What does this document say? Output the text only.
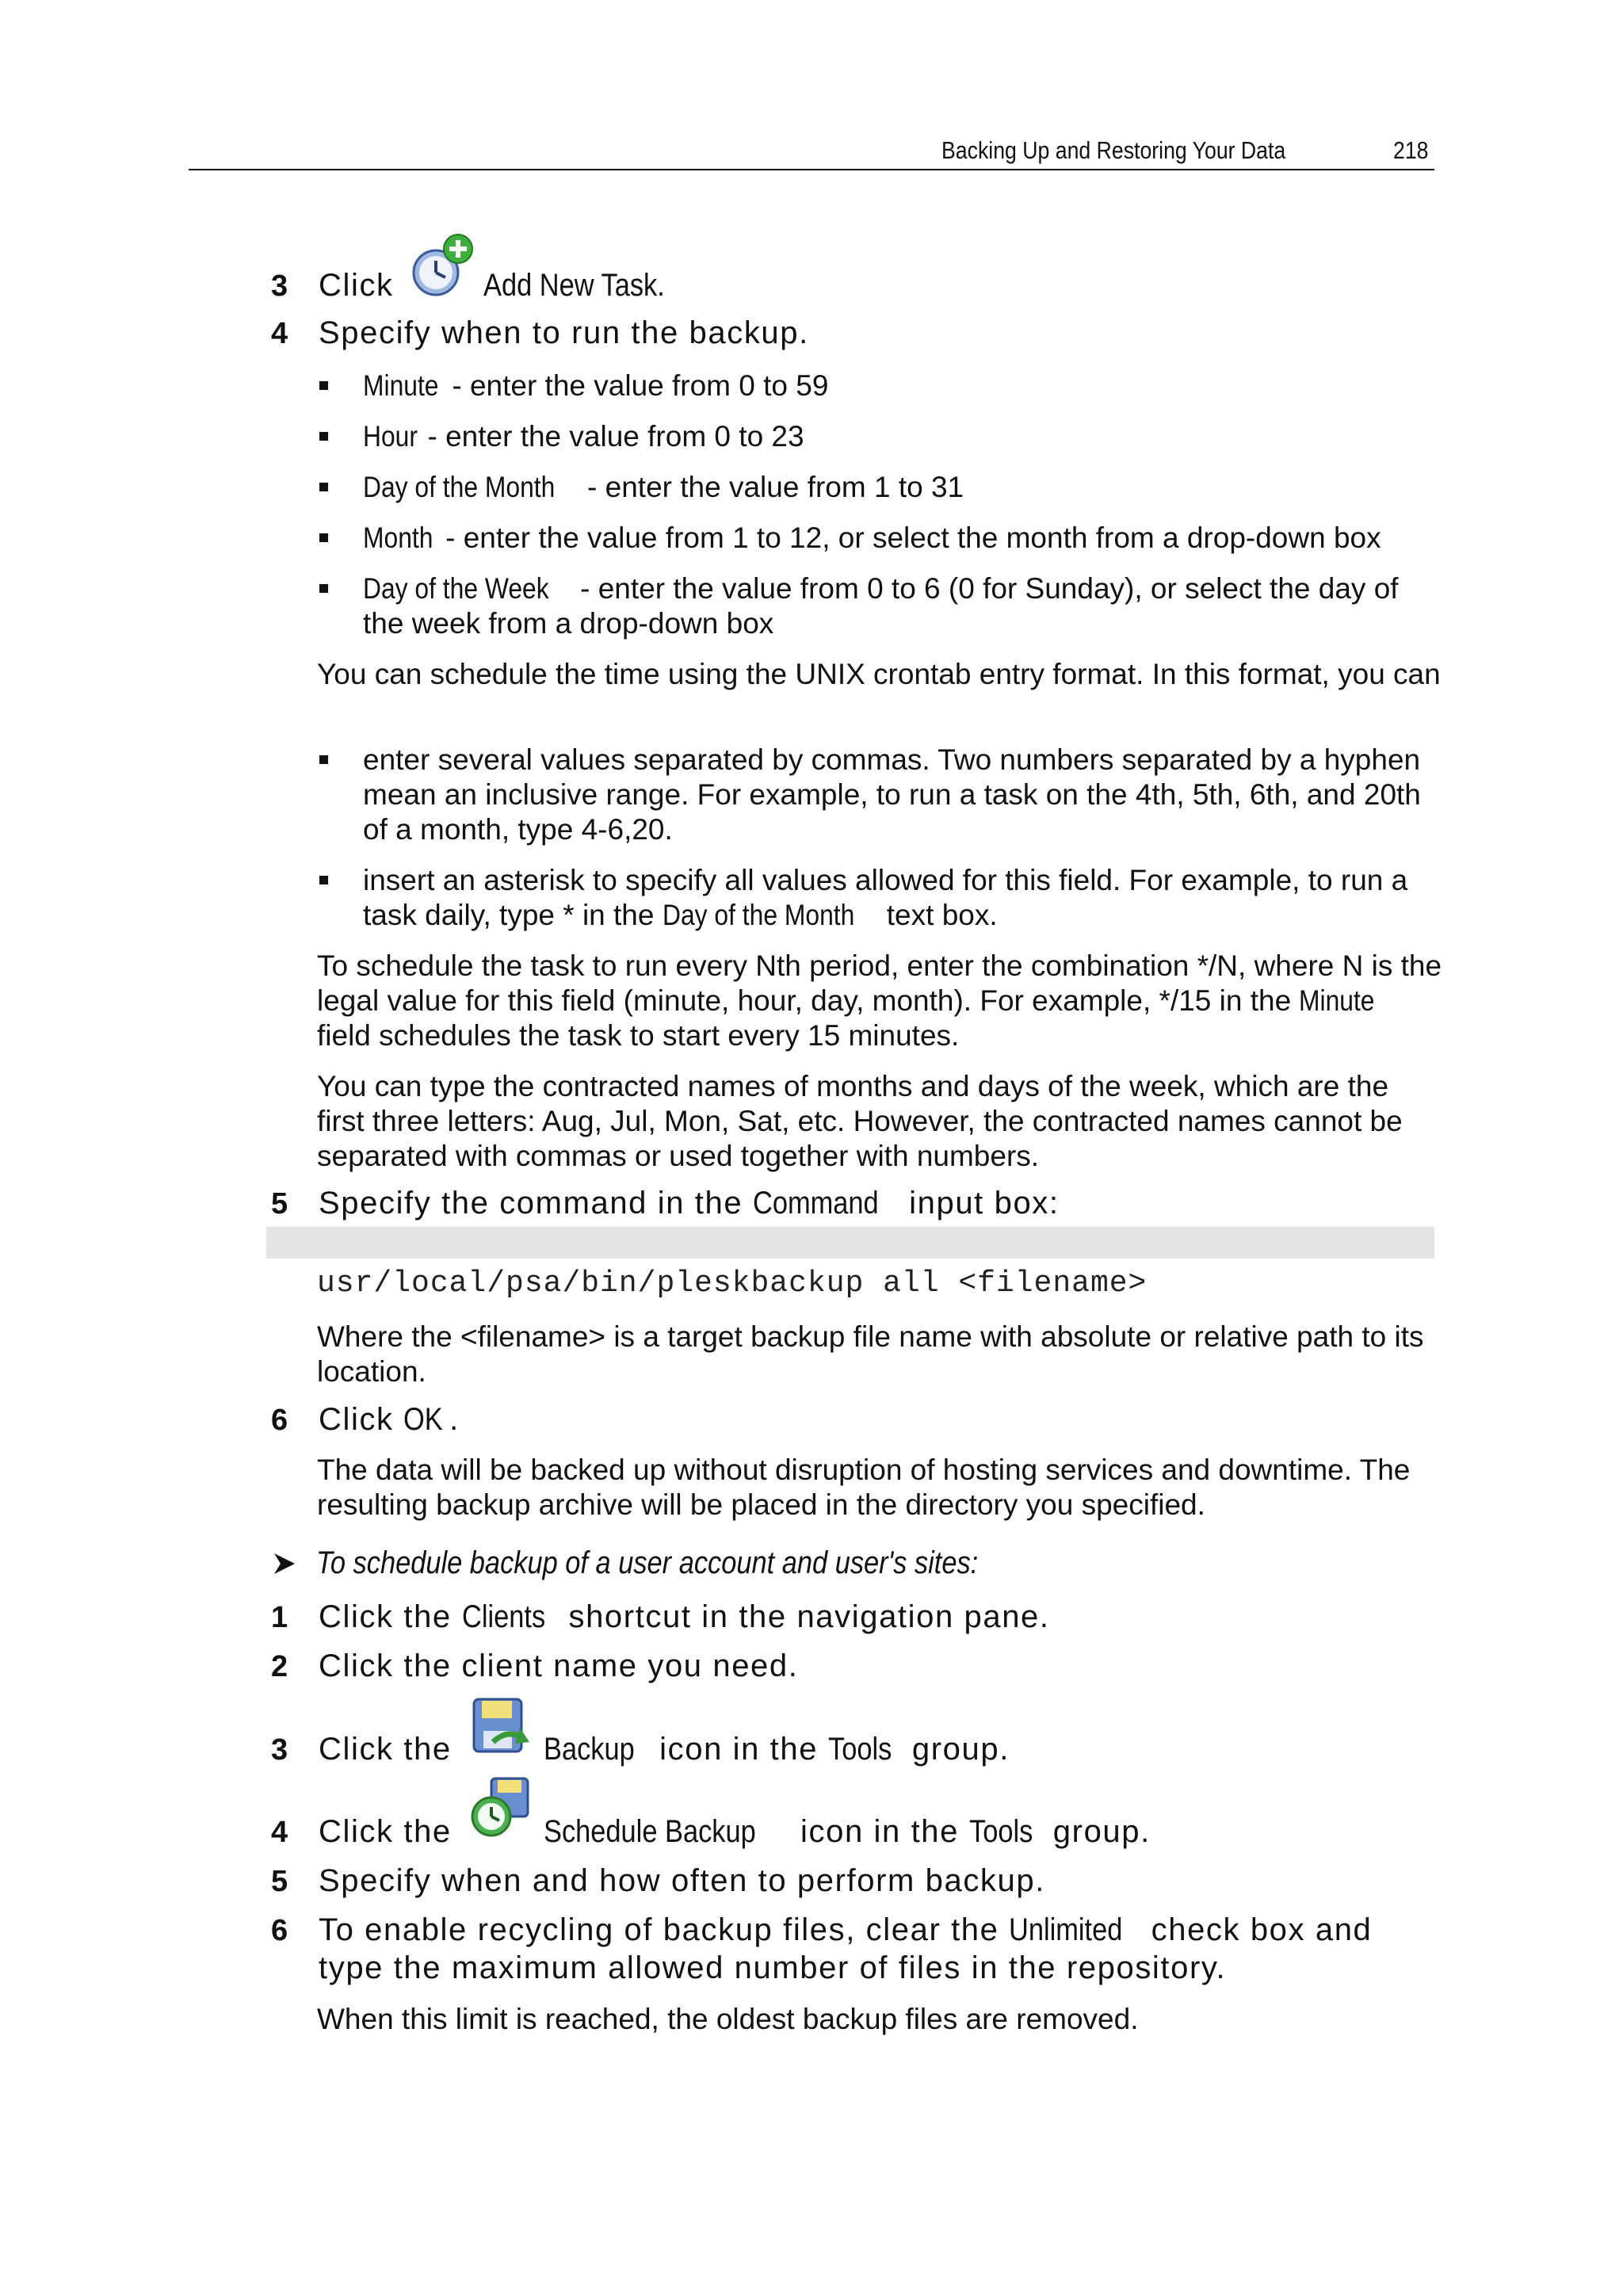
Backing Up and Restoring Your Data	218
3 Click	Add New Task.
4 Specify when to run the backup.
Minute - enter the value from 0 to 59
Hour - enter the value from 0 to 23
Day of the Month - enter the value from 1 to 31
Month - enter the value from 1 to 12, or select the month from a drop-down box
Day of the Week - enter the value from 0 to 6 (0 for Sunday), or select the day of the week from a drop-down box
You can schedule the time using the UNIX crontab entry format. In this format, you can
enter several values separated by commas. Two numbers separated by a hyphen mean an inclusive range. For example, to run a task on the 4th, 5th, 6th, and 20th of a month, type 4-6,20.
insert an asterisk to specify all values allowed for this field. For example, to run a task daily, type * in the Day of the Month text box.
To schedule the task to run every Nth period, enter the combination */N, where N is the legal value for this field (minute, hour, day, month). For example, */15 in the Minute field schedules the task to start every 15 minutes.
You can type the contracted names of months and days of the week, which are the first three letters: Aug, Jul, Mon, Sat, etc. However, the contracted names cannot be separated with commas or used together with numbers.
5 Specify the command in the Command input box:
usr/local/psa/bin/pleskbackup all <filename>
Where the <filename> is a target backup file name with absolute or relative path to its location.
6 Click OK .
The data will be backed up without disruption of hosting services and downtime. The resulting backup archive will be placed in the directory you specified.
To schedule backup of a user account and user's sites:
1 Click the Clients shortcut in the navigation pane.
2 Click the client name you need.
3 Click the	Backup icon in the Tools group.
4 Click the	Schedule Backup icon in the Tools group.
5 Specify when and how often to perform backup.
6 To enable recycling of backup files, clear the Unlimited check box and
type the maximum allowed number of files in the repository.
When this limit is reached, the oldest backup files are removed.
